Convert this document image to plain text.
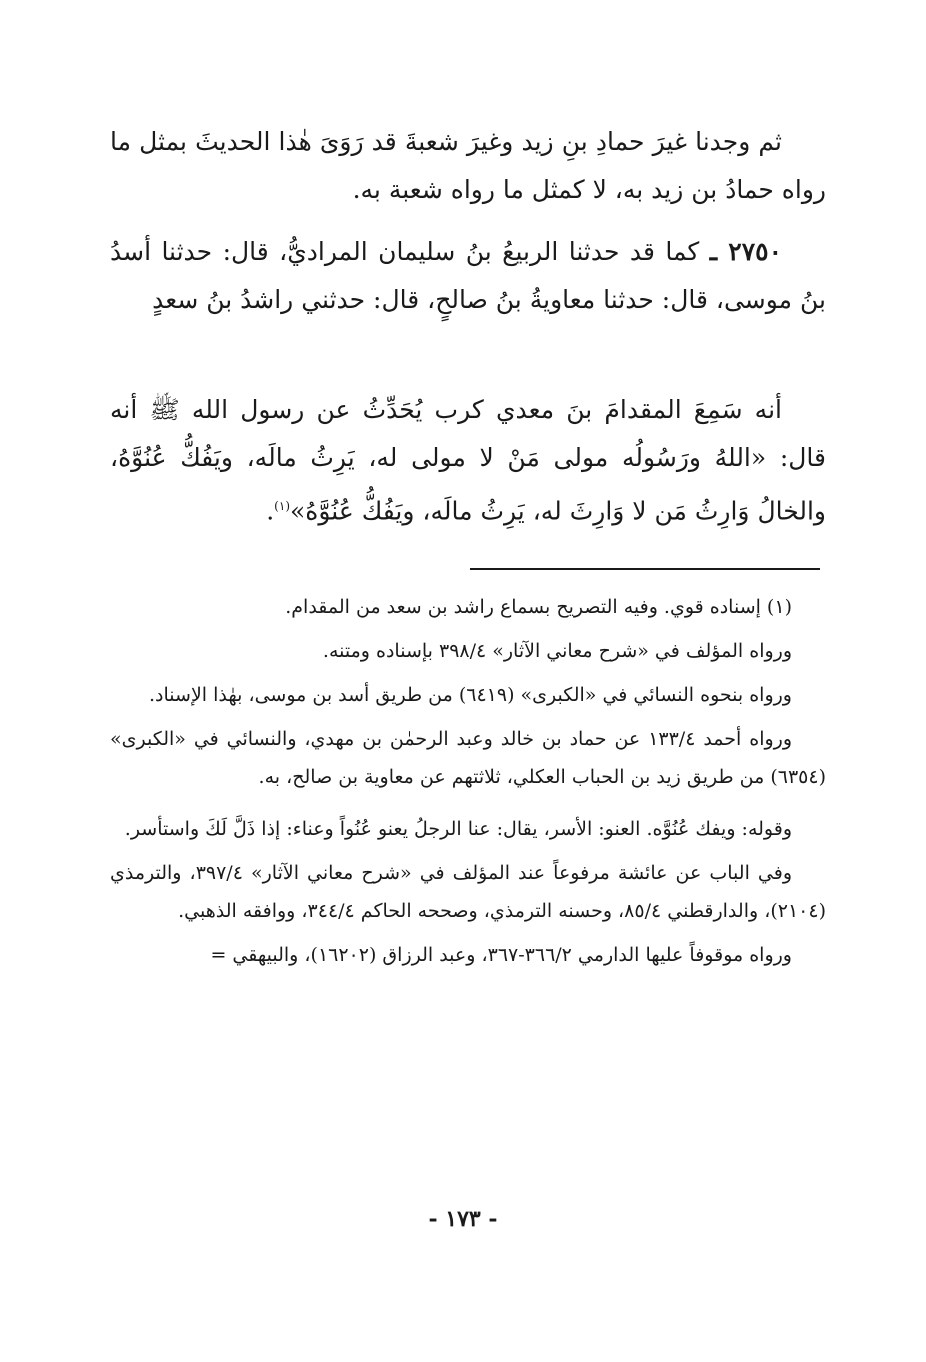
ثم وجدنا غيرَ حمادِ بنِ زيد وغيرَ شعبةَ قد رَوَىَ هٰذا الحديثَ بمثل ما رواه حمادُ بن زيد به، لا كمثل ما رواه شعبة به.

٢٧٥٠ ـ كما قد حدثنا الربيعُ بنُ سليمان المراديُّ، قال: حدثنا أسدُ بنُ موسى، قال: حدثنا معاويةُ بنُ صالحٍ، قال: حدثني راشدُ بنُ سعدٍ

أنه سَمِعَ المقدامَ بنَ معدي كرب يُحَدِّثُ عن رسول الله ﷺ أنه قال: «اللهُ ورَسُولُه مولى مَنْ لا مولى له، يَرِثُ مالَه، ويَفُكُّ عُنُوَّهُ، والخالُ وَارِثُ مَن لا وَارِثَ له، يَرِثُ مالَه، ويَفُكُّ عُنُوَّهُ»$^{(١)}$.

(١) إسناده قوي. وفيه التصريح بسماع راشد بن سعد من المقدام.

ورواه المؤلف في «شرح معاني الآثار» ٣٩٨/٤ بإسناده ومتنه.

ورواه بنحوه النسائي في «الكبرى» (٦٤١٩) من طريق أسد بن موسى، بهٰذا الإسناد.

ورواه أحمد ١٣٣/٤ عن حماد بن خالد وعبد الرحمٰن بن مهدي، والنسائي في «الكبرى» (٦٣٥٤) من طريق زيد بن الحباب العكلي، ثلاثتهم عن معاوية بن صالح، به.

وقوله: ويفك عُنُوَّه. العنو: الأسر، يقال: عنا الرجلُ يعنو عُنُواً وعناء: إذا ذَلَّ لَكَ واستأسر.

وفي الباب عن عائشة مرفوعاً عند المؤلف في «شرح معاني الآثار» ٣٩٧/٤، والترمذي (٢١٠٤)، والدارقطني ٨٥/٤، وحسنه الترمذي، وصححه الحاكم ٣٤٤/٤، ووافقه الذهبي.

ورواه موقوفاً عليها الدارمي ٣٦٦/٢-٣٦٧، وعبد الرزاق (١٦٢٠٢)، والبيهقي =

- ١٧٣ -
